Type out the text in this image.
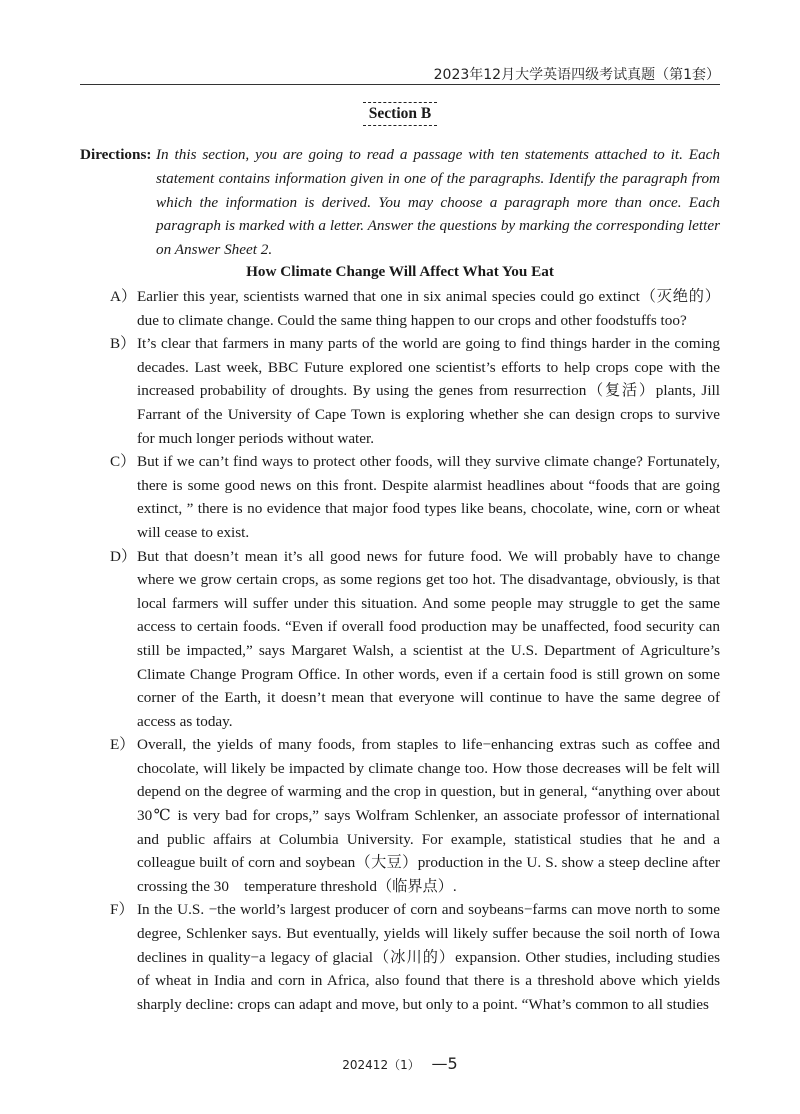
2023年12月大学英语四级考试真题（第1套）
Section B
Directions: In this section, you are going to read a passage with ten statements attached to it. Each statement contains information given in one of the paragraphs. Identify the paragraph from which the information is derived. You may choose a paragraph more than once. Each paragraph is marked with a letter. Answer the questions by marking the corresponding letter on Answer Sheet 2.
How Climate Change Will Affect What You Eat
A） Earlier this year, scientists warned that one in six animal species could go extinct（灭绝的）due to climate change. Could the same thing happen to our crops and other foodstuffs too?
B） It’s clear that farmers in many parts of the world are going to find things harder in the coming decades. Last week, BBC Future explored one scientist’s efforts to help crops cope with the increased probability of droughts. By using the genes from resurrection（复活）plants, Jill Farrant of the University of Cape Town is exploring whether she can design crops to survive for much longer periods without water.
C） But if we can’t find ways to protect other foods, will they survive climate change? Fortunately, there is some good news on this front. Despite alarmist headlines about “foods that are going extinct, ” there is no evidence that major food types like beans, chocolate, wine, corn or wheat will cease to exist.
D） But that doesn’t mean it’s all good news for future food. We will probably have to change where we grow certain crops, as some regions get too hot. The disadvantage, obviously, is that local farmers will suffer under this situation. And some people may struggle to get the same access to certain foods. “Even if overall food production may be unaffected, food security can still be impacted,” says Margaret Walsh, a scientist at the U.S. Department of Agriculture’s Climate Change Program Office. In other words, even if a certain food is still grown on some corner of the Earth, it doesn’t mean that everyone will continue to have the same degree of access as today.
E） Overall, the yields of many foods, from staples to life−enhancing extras such as coffee and chocolate, will likely be impacted by climate change too. How those decreases will be felt will depend on the degree of warming and the crop in question, but in general, “anything over about 30℃ is very bad for crops,” says Wolfram Schlenker, an associate professor of international and public affairs at Columbia University. For example, statistical studies that he and a colleague built of corn and soybean（大豆）production in the U. S. show a steep decline after crossing the 30    temperature threshold（临界点）.
F） In the U.S. −the world’s largest producer of corn and soybeans−farms can move north to some degree, Schlenker says. But eventually, yields will likely suffer because the soil north of Iowa declines in quality−a legacy of glacial（冰川的）expansion. Other studies, including studies of wheat in India and corn in Africa, also found that there is a threshold above which yields sharply decline: crops can adapt and move, but only to a point. “What’s common to all studies
202412（1） —5
